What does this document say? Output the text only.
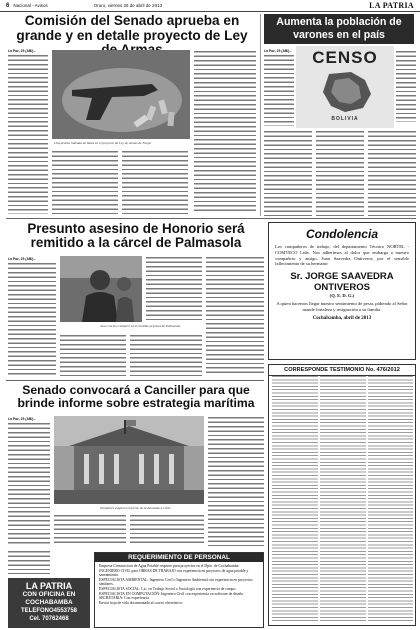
6 Nacional - Avisos	Oruro, viernes 26 de abril de 2013	LA PATRIA
Comisión del Senado aprueba en grande y en detalle proyecto de Ley
La Paz, 25 (ABI).-
Una pistola rodeada de balas en el proyecto de Ley de Armas de Fuego
Aumenta la población de varones en el país
La Paz, 25 (ABI).-	CENSO
BOLIVIA
Presunto asesino de Honorio será remitido a la cárcel de Palmasola
La Paz, 25 (ABI).-
Juan Carlos Campero será remitido al penal de Palmasola
Condolencia
Los compañeros de trabajo, del departamento Técnico NORTEL - COMTECO Ltda. Nos adherimos al dolor que embarga a nuestro compañero y amigo, Juan Saavedra Ontiveros, por el sensible fallecimiento de su hermano:
Sr. JORGE SAAVEDRA
ONTIVEROS
(Q. E. D. G.)
A quien hacemos llegar nuestro sentimiento de pesar, pidiendo al Señor mande fortaleza y resignación a su familia.
Cochabamba, abril de 2013
CORRESPONDE TESTIMONIO No. 476/2012
Senado convocará a Canciller para que brinde informe sobre estrategia marítima
La Paz, 25 (ABI).-
Senadores exigieron informe de la demanda a Chile
LA PATRIA
CON OFICINA EN
COCHABAMBA
TELEFONO4553758
Cel. 70762468
REQUERIMIENTO DE PERSONAL
Empresa Constructora de Agua Potable requiere para proyectos en el Dpto. de Cochabamba:
INGENIERO CIVIL para OBRAS DE TRABAJO con experiencia en proyectos de agua potable y saneamiento.
ESPECIALISTA AMBIENTAL: Ingeniero Civil o Ingeniero Ambiental con experiencia en proyectos similares.
ESPECIALISTA SOCIAL: Lic. en Trabajo Social o Sociología con experiencia de campo.
ESPECIALISTA EN COMPUTACIÓN: Ingeniero Civil con experiencia en software de diseño.
SECRETARIA: Con experiencia
Enviar hoja de vida documentada al correo electrónico:
